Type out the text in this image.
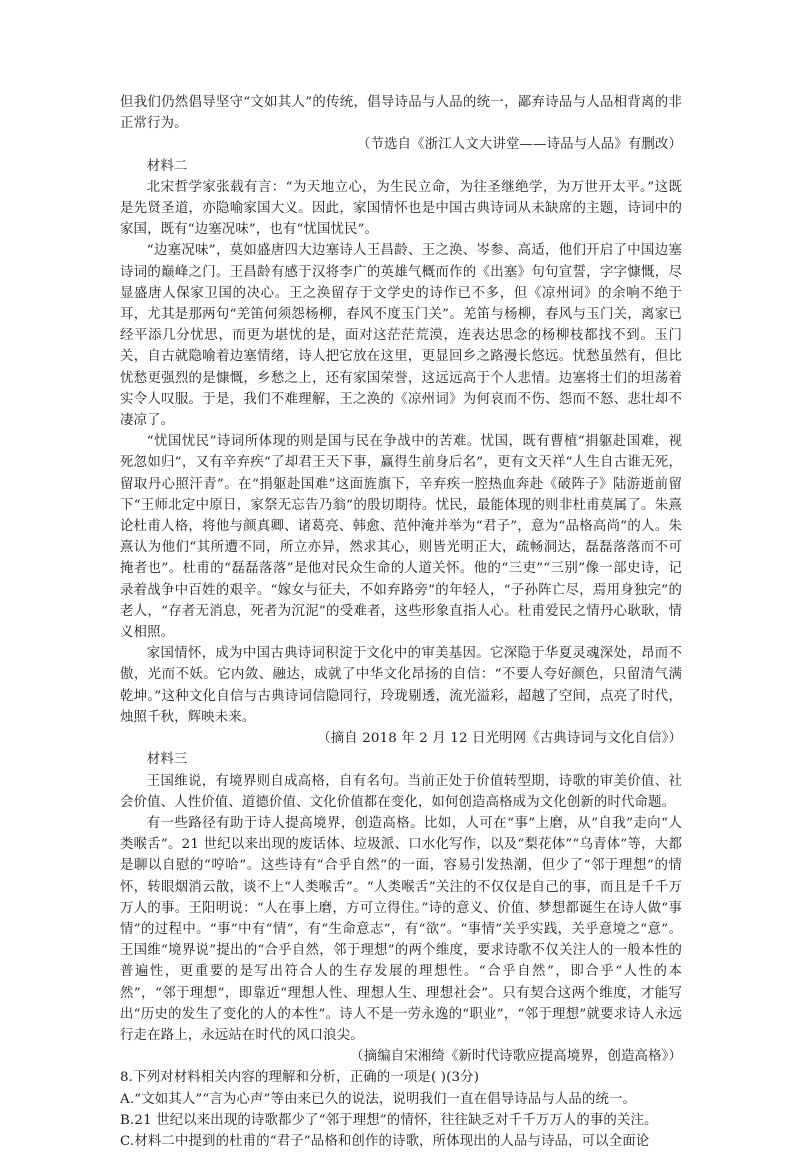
但我们仍然倡导坚守“文如其人”的传统，倡导诗品与人品的统一，鄙弃诗品与人品相背离的非正常行为。

（节选自《浙江人文大讲堂——诗品与人品》有删改）

材料二

北宋哲学家张载有言：“为天地立心，为生民立命，为往圣继绝学，为万世开太平。”这既是先贤圣道，亦隐喻家国大义。因此，家国情怀也是中国古典诗词从未缺席的主题，诗词中的家国，既有“边塞况味”，也有“忧国忧民”。

“边塞况味”，莫如盛唐四大边塞诗人王昌龄、王之涣、岑参、高适，他们开启了中国边塞诗词的巅峰之门。王昌龄有感于汉将李广的英雄气概而作的《出塞》句句宣誓，字字慷慨，尽显盛唐人保家卫国的决心。王之涣留存于文学史的诗作已不多，但《凉州词》的余响不绝于耳，尤其是那两句“羌笛何须怨杨柳，春风不度玉门关”。羌笛与杨柳，春风与玉门关，离家已经平添几分忧思，而更为堪忧的是，面对这茫茫荒漠，连表达思念的杨柳枝都找不到。玉门关，自古就隐喻着边塞情绪，诗人把它放在这里，更显回乡之路漫长悠远。忧愁虽然有，但比忧愁更强烈的是慷慨，乡愁之上，还有家国荣誉，这远远高于个人悲情。边塞将士们的坦荡着实令人叹服。于是，我们不难理解，王之涣的《凉州词》为何哀而不伤、怨而不怒、悲壮却不凄凉了。

“忧国忧民”诗词所体现的则是国与民在争战中的苦难。忧国，既有曹植“捐躯赴国难，视死忽如归”，又有辛弃疾“了却君王天下事，赢得生前身后名”，更有文天祥“人生自古谁无死，留取丹心照汗青”。在“捐躯赴国难”这面旌旗下，辛弃疾一腔热血奔赴《破阵子》陆游逝前留下“王师北定中原日，家祭无忘告乃翁”的殷切期待。忧民，最能体现的则非杜甫莫属了。朱熹论杜甫人格，将他与颜真卿、诸葛亮、韩愈、范仲淹并举为“君子”，意为“品格高尚”的人。朱熹认为他们“其所遭不同，所立亦异，然求其心，则皆光明正大，疏畅洞达，磊磊落落而不可掩者也”。杜甫的“磊磊落落”是他对民众生命的人道关怀。他的“三吏”“三别”像一部史诗，记录着战争中百姓的艰辛。“嫁女与征夫，不如弃路旁”的年轻人，“子孙阵亡尽，焉用身独完”的老人，“存者无消息，死者为沉泥”的受难者，这些形象直指人心。杜甫爱民之情丹心耿耿，情义相照。

家国情怀，成为中国古典诗词积淀于文化中的审美基因。它深隐于华夏灵魂深处，昂而不傲，光而不妖。它内敛、融达，成就了中华文化昂扬的自信：“不要人夸好颜色，只留清气满乾坤。”这种文化自信与古典诗词信隐同行，玲珑剔透，流光溢彩，超越了空间，点亮了时代，烛照千秋，辉映未来。

（摘自 2018 年 2 月 12 日光明网《古典诗词与文化自信》）

材料三

王国维说，有境界则自成高格，自有名句。当前正处于价值转型期，诗歌的审美价值、社会价值、人性价值、道德价值、文化价值都在变化，如何创造高格成为文化创新的时代命题。

有一些路径有助于诗人提高境界，创造高格。比如，人可在“事”上磨，从“自我”走向“人类喉舌”。21 世纪以来出现的废话体、垃圾派、口水化写作，以及“梨花体”“乌青体”等，大都是聊以自慰的“哼哈”。这些诗有“合乎自然”的一面，容易引发热潮，但少了“邻于理想”的情怀，转眼烟消云散，谈不上“人类喉舌”。“人类喉舌”关注的不仅仅是自己的事，而且是千千万万人的事。王阳明说：“人在事上磨，方可立得住。”诗的意义、价值、梦想都诞生在诗人做“事情”的过程中。“事”中有“情”，有“生命意志”，有“欲”。“事情”关乎实践，关乎意境之“意”。王国维“境界说”提出的“合乎自然，邻于理想”的两个维度，要求诗歌不仅关注人的一般本性的普遍性，更重要的是写出符合人的生存发展的理想性。“合乎自然”，即合乎“人性的本然”，“邻于理想”，即靠近“理想人性、理想人生、理想社会”。只有契合这两个维度，才能写出“历史的发生了变化的人的本性”。诗人不是一劳永逸的“职业”，“邻于理想”就要求诗人永远行走在路上，永远站在时代的风口浪尖。

（摘编自宋湘绮《新时代诗歌应提高境界，创造高格》）

8.下列对材料相关内容的理解和分析，正确的一项是( )(3分)

A.“文如其人”“言为心声”等由来已久的说法，说明我们一直在倡导诗品与人品的统一。

B.21 世纪以来出现的诗歌都少了“邻于理想”的情怀，往往缺乏对千千万万人的事的关注。

C.材料二中提到的杜甫的“君子”品格和创作的诗歌，所体现出的人品与诗品，可以全面论
